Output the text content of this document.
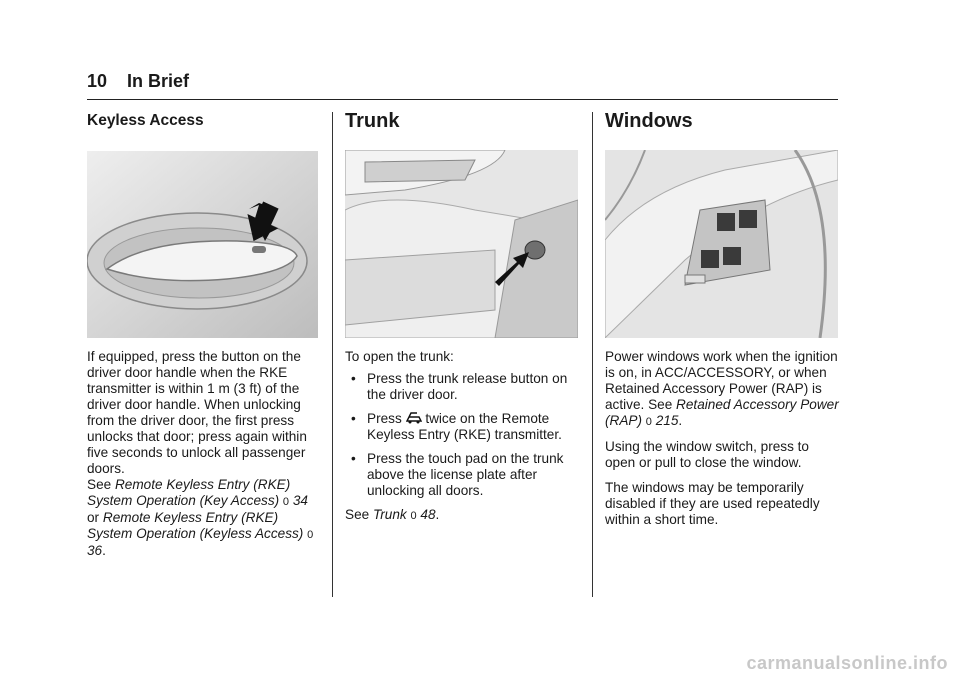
10 In Brief
Keyless Access

If equipped, press the button on the driver door handle when the RKE transmitter is within 1 m (3 ft) of the driver door handle. When unlocking from the driver door, the first press unlocks that door; press again within five seconds to unlock all passenger doors.

See Remote Keyless Entry (RKE) System Operation (Key Access) 0 34 or Remote Keyless Entry (RKE) System Operation (Keyless Access) 0 36.

Trunk

To open the trunk:

• Press the trunk release button on the driver door.
• Press twice on the Remote Keyless Entry (RKE) transmitter.
• Press the touch pad on the trunk above the license plate after unlocking all doors.

See Trunk 0 48.

Windows

Power windows work when the ignition is on, in ACC/ACCESSORY, or when Retained Accessory Power (RAP) is active. See Retained Accessory Power (RAP) 0 215.

Using the window switch, press to open or pull to close the window.

The windows may be temporarily disabled if they are used repeatedly within a short time.

carmanualsonline.info
